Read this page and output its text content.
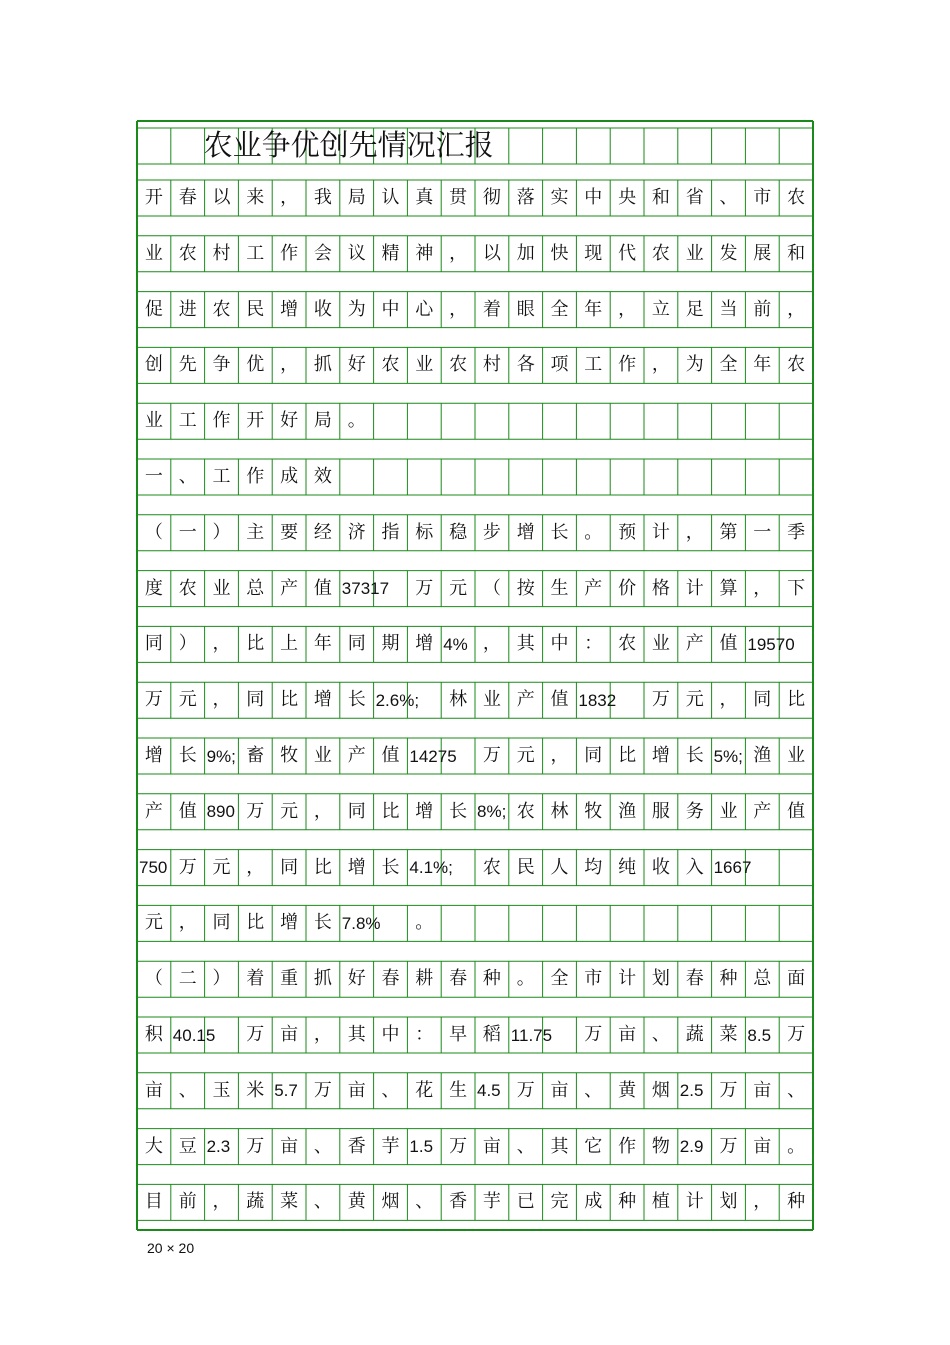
农业争优创先情况汇报
开 春 以 来 ， 我 局 认 真 贯 彻 落 实 中 央 和 省 、 市 农
业 农 村 工 作 会 议 精 神 ， 以 加 快 现 代 农 业 发 展 和
促 进 农 民 增 收 为 中 心 ， 着 眼 全 年 ， 立 足 当 前 ，
创 先 争 优 ， 抓 好 农 业 农 村 各 项 工 作 ， 为 全 年 农
业 工 作 开 好 局 。
一 、 工 作 成 效
（ 一 ） 主 要 经 济 指 标 稳 步 增 长 。 预 计 ， 第 一 季
度 农 业 总 产 值 37317	万 元 （ 按 生 产 价 格 计 算 ， 下
同 ） ， 比 上 年 同 期 增 4% ， 其 中 ： 农 业 产 值 19570
万 元 ， 同 比 增 长 2.6%;	林 业 产 值 1832	万 元 ， 同 比
增 长 9%; 畜 牧 业 产 值 14275	万 元 ， 同 比 增 长 5%; 渔 业
产 值 890 万 元 ， 同 比 增 长 8%; 农 林 牧 渔 服 务 业 产 值
750 万 元 ， 同 比 增 长 4.1%;	农 民 人 均 纯 收 入 1667
元 ， 同 比 增 长 7.8%	。
（ 二 ） 着 重 抓 好 春 耕 春 种 。 全 市 计 划 春 种 总 面
积 40.15	万 亩 ， 其 中 ： 早 稻 11.75	万 亩 、 蔬 菜 8.5 万
亩 、 玉 米 5.7 万 亩 、 花 生 4.5 万 亩 、 黄 烟 2.5 万 亩 、
大 豆 2.3 万 亩 、 香 芋 1.5 万 亩 、 其 它 作 物 2.9 万 亩 。
目 前 ， 蔬 菜 、 黄 烟 、 香 芋 已 完 成 种 植 计 划 ， 种
20 × 20
